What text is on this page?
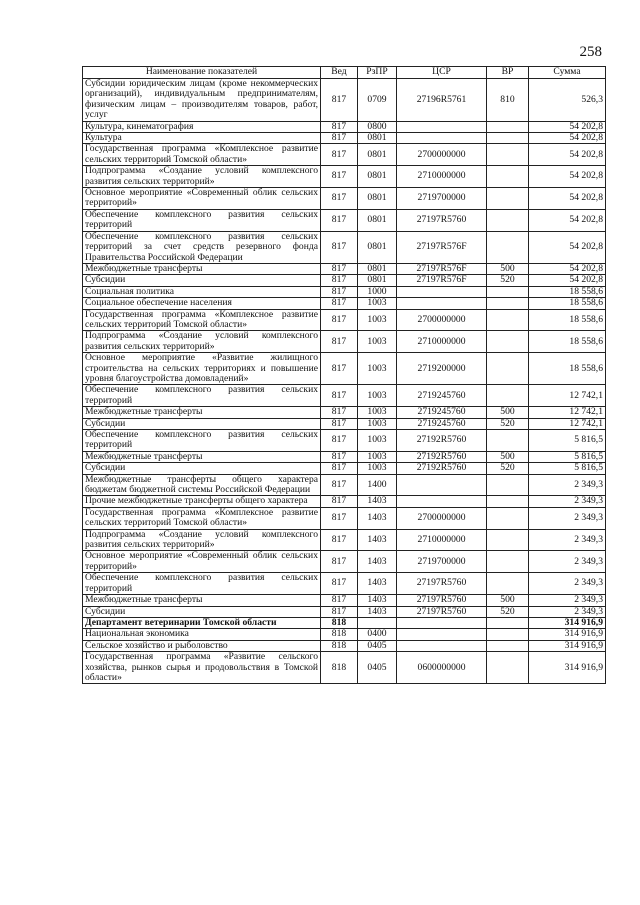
258
Наименование показателей	Вед	РзПР	ЦСР	ВР	Сумма
Субсидии юридическим лицам (кроме некоммерческих организаций), индивидуальным предпринимателям, физическим лицам – производителям товаров, работ, услуг	817	0709	27196R5761	810	526,3
Культура, кинематография	817	0800			54 202,8
Культура	817	0801			54 202,8
Государственная программа «Комплексное развитие сельских территорий Томской области»	817	0801	2700000000		54 202,8
Подпрограмма «Создание условий комплексного развития сельских территорий»	817	0801	2710000000		54 202,8
Основное мероприятие «Современный облик сельских территорий»	817	0801	2719700000		54 202,8
Обеспечение комплексного развития сельских территорий	817	0801	27197R5760		54 202,8
Обеспечение комплексного развития сельских территорий за счет средств резервного фонда Правительства Российской Федерации	817	0801	27197R576F		54 202,8
Межбюджетные трансферты	817	0801	27197R576F	500	54 202,8
Субсидии	817	0801	27197R576F	520	54 202,8
Социальная политика	817	1000			18 558,6
Социальное обеспечение населения	817	1003			18 558,6
Государственная программа «Комплексное развитие сельских территорий Томской области»	817	1003	2700000000		18 558,6
Подпрограмма «Создание условий комплексного развития сельских территорий»	817	1003	2710000000		18 558,6
Основное мероприятие «Развитие жилищного строительства на сельских территориях и повышение уровня благоустройства домовладений»	817	1003	2719200000		18 558,6
Обеспечение комплексного развития сельских территорий	817	1003	2719245760		12 742,1
Межбюджетные трансферты	817	1003	2719245760	500	12 742,1
Субсидии	817	1003	2719245760	520	12 742,1
Обеспечение комплексного развития сельских территорий	817	1003	27192R5760		5 816,5
Межбюджетные трансферты	817	1003	27192R5760	500	5 816,5
Субсидии	817	1003	27192R5760	520	5 816,5
Межбюджетные трансферты общего характера бюджетам бюджетной системы Российской Федерации	817	1400			2 349,3
Прочие межбюджетные трансферты общего характера	817	1403			2 349,3
Государственная программа «Комплексное развитие сельских территорий Томской области»	817	1403	2700000000		2 349,3
Подпрограмма «Создание условий комплексного развития сельских территорий»	817	1403	2710000000		2 349,3
Основное мероприятие «Современный облик сельских территорий»	817	1403	2719700000		2 349,3
Обеспечение комплексного развития сельских территорий	817	1403	27197R5760		2 349,3
Межбюджетные трансферты	817	1403	27197R5760	500	2 349,3
Субсидии	817	1403	27197R5760	520	2 349,3
Департамент ветеринарии Томской области	818				314 916,9
Национальная экономика	818	0400			314 916,9
Сельское хозяйство и рыболовство	818	0405			314 916,9
Государственная программа «Развитие сельского хозяйства, рынков сырья и продовольствия в Томской области»	818	0405	0600000000		314 916,9
